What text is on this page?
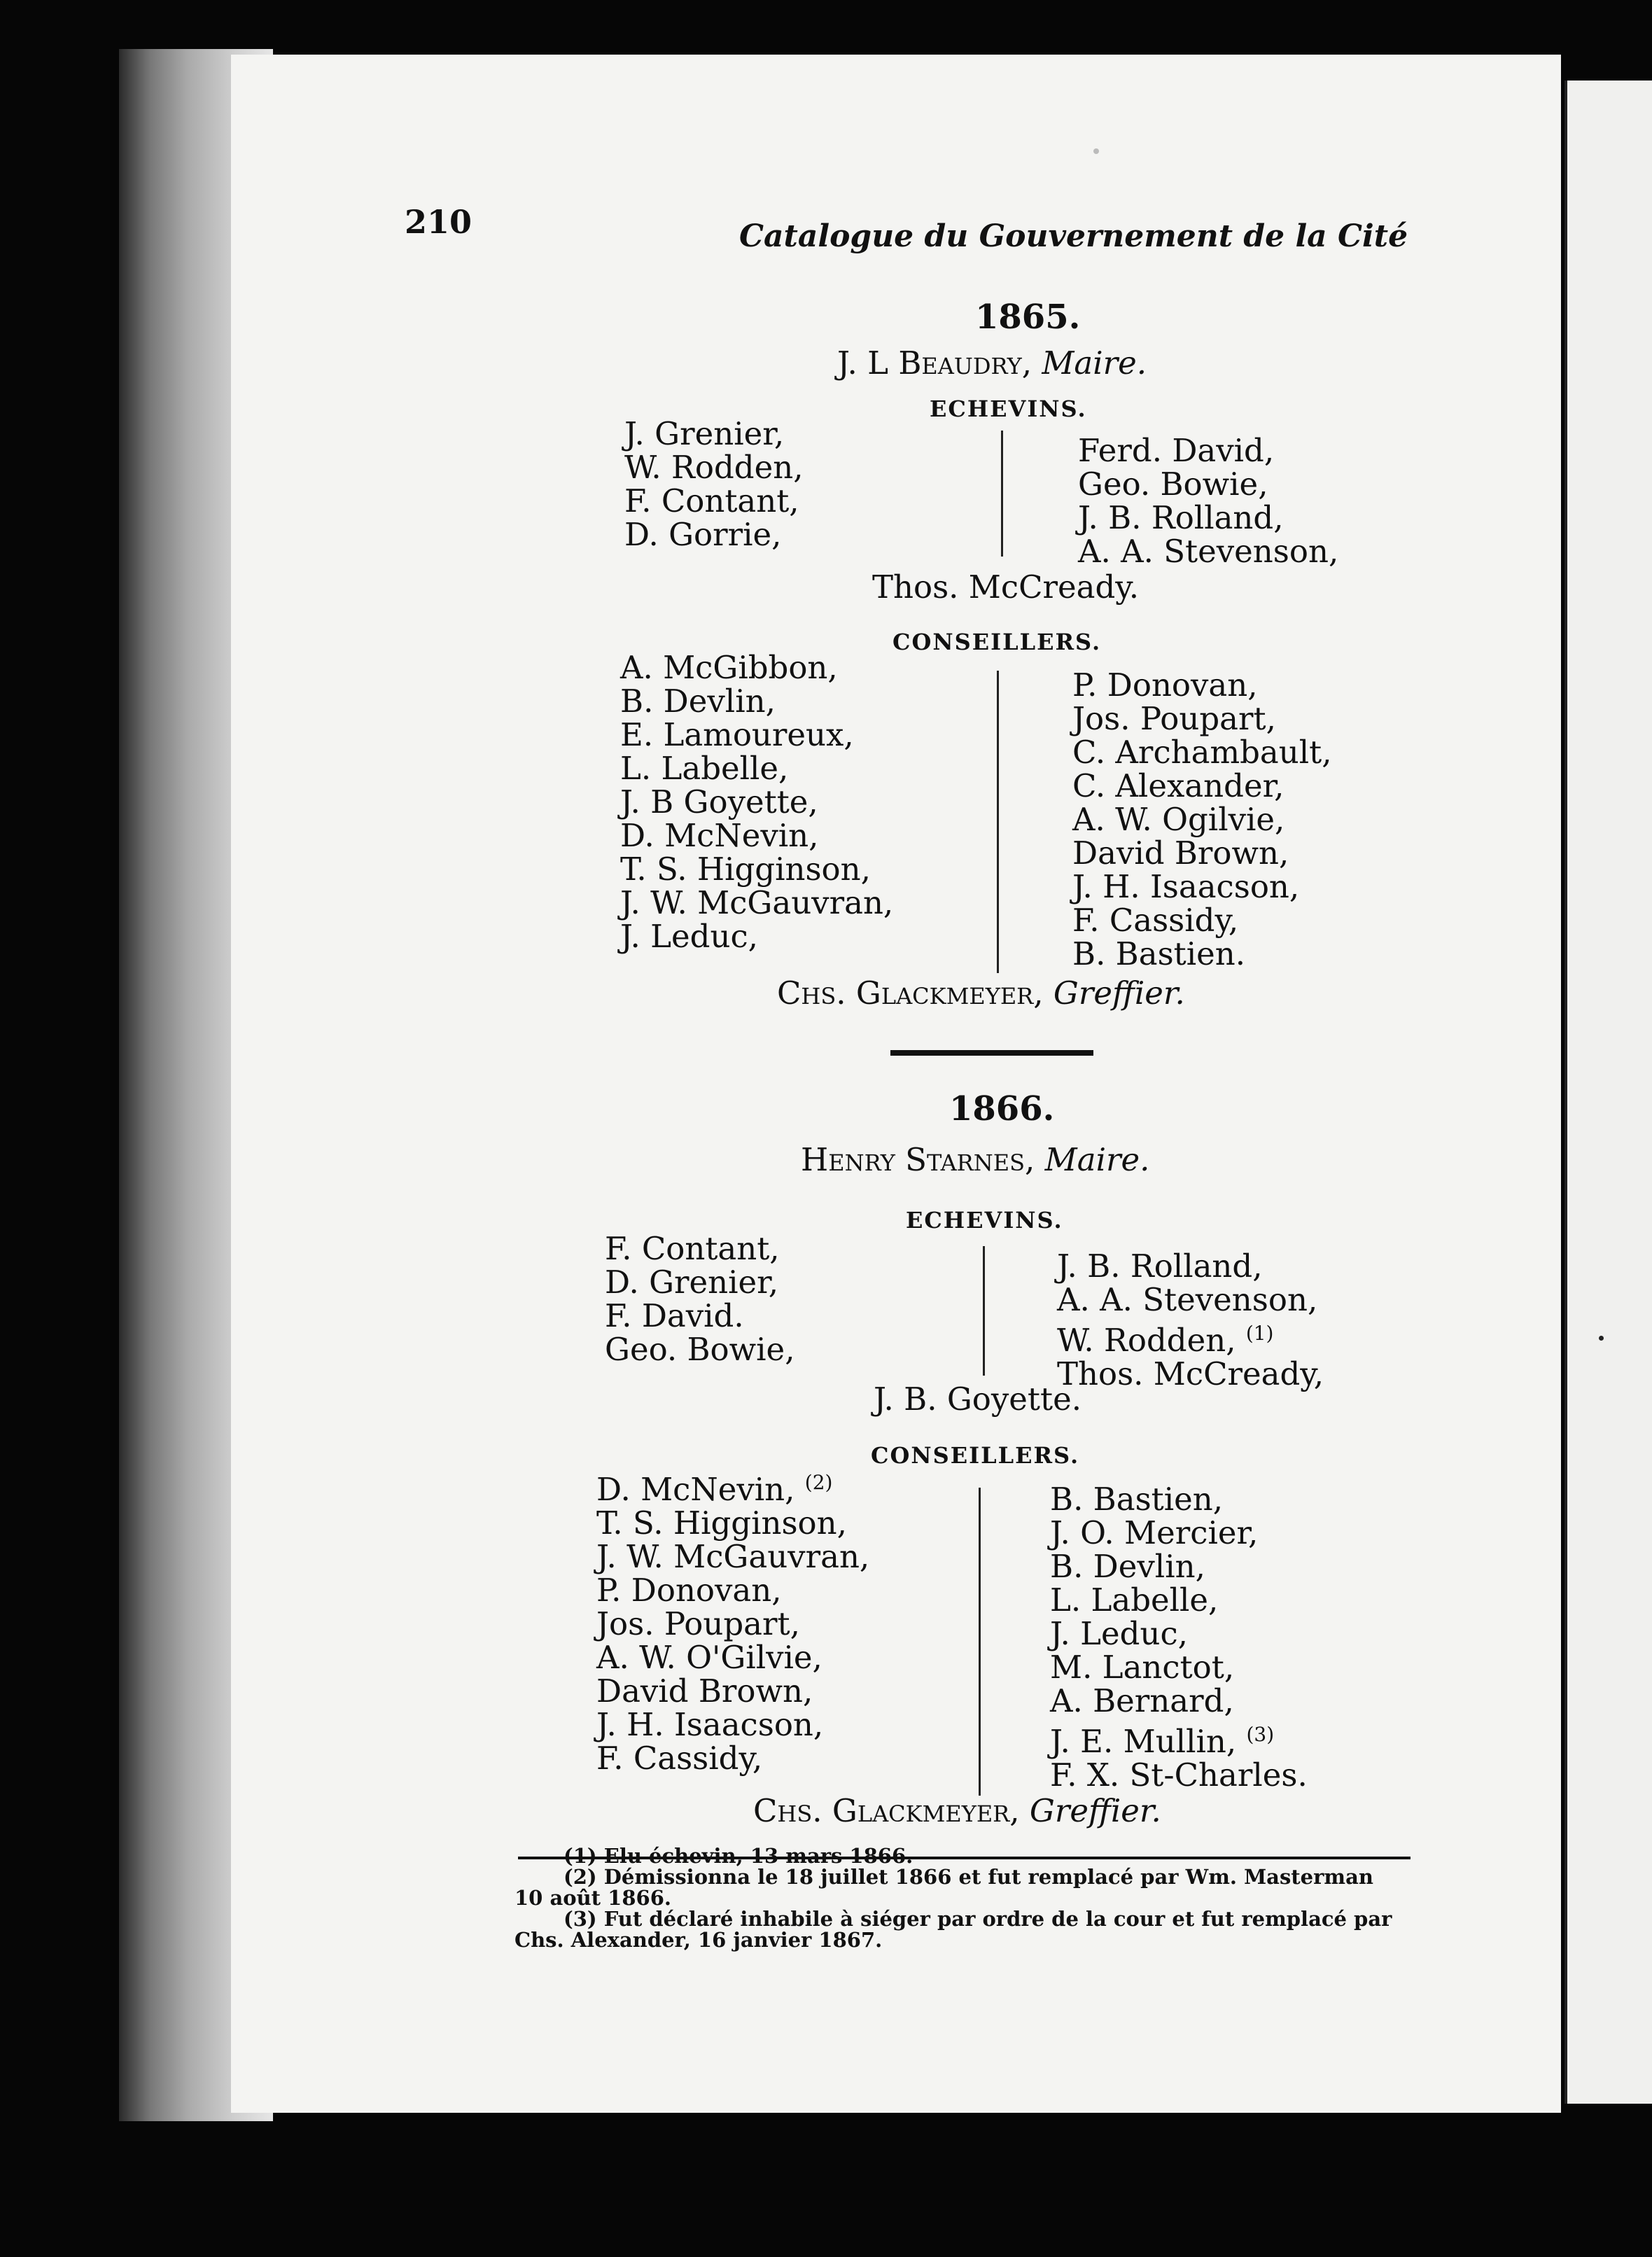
210	Catalogue du Gouvernement de la Cité
1865.
J. L Beaudry, Maire.
ECHEVINS.
J. Grenier,
W. Rodden,
F. Contant,
D. Gorrie,
Ferd. David,
Geo. Bowie,
J. B. Rolland,
A. A. Stevenson,
Thos. McCready.
CONSEILLERS.
A. McGibbon,
B. Devlin,
E. Lamoureux,
L. Labelle,
J. B Goyette,
D. McNevin,
T. S. Higginson,
J. W. McGauvran,
J. Leduc,
P. Donovan,
Jos. Poupart,
C. Archambault,
C. Alexander,
A. W. Ogilvie,
David Brown,
J. H. Isaacson,
F. Cassidy,
B. Bastien.
Chs. Glackmeyer, Greffier.
1866.
Henry Starnes, Maire.
ECHEVINS.
F. Contant,
D. Grenier,
F. David.
Geo. Bowie,
J. B. Rolland,
A. A. Stevenson,
W. Rodden, $^{(1)}$
Thos. McCready,
J. B. Goyette.
CONSEILLERS.
D. McNevin, $^{(2)}$
T. S. Higginson,
J. W. McGauvran,
P. Donovan,
Jos. Poupart,
A. W. O'Gilvie,
David Brown,
J. H. Isaacson,
F. Cassidy,
B. Bastien,
J. O. Mercier,
B. Devlin,
L. Labelle,
J. Leduc,
M. Lanctot,
A. Bernard,
J. E. Mullin, $^{(3)}$
F. X. St-Charles.
Chs. Glackmeyer, Greffier.
(1) Elu échevin, 13 mars 1866.
(2) Démissionna le 18 juillet 1866 et fut remplacé par Wm. Masterman
10 août 1866.
(3) Fut déclaré inhabile à siéger par ordre de la cour et fut remplacé par
Chs. Alexander, 16 janvier 1867.
